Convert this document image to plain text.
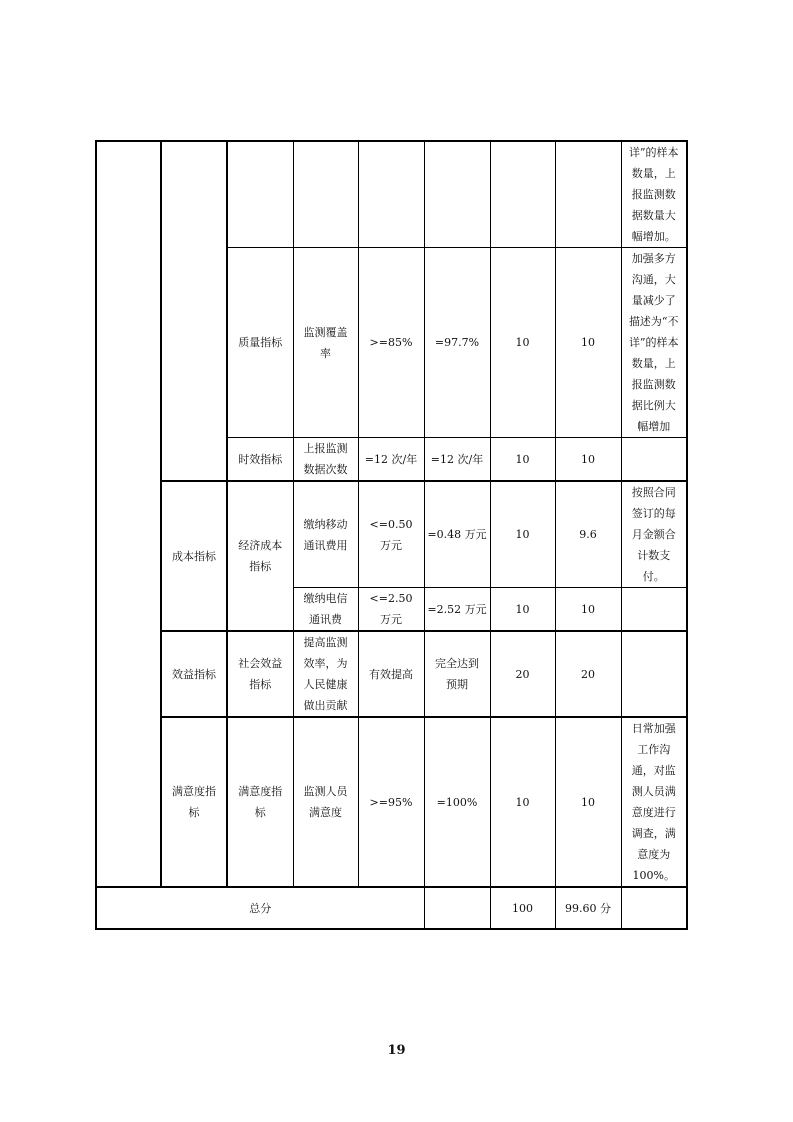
								详”的样本数量，上报监测数据数量大幅增加。

		质量指标	监测覆盖率	>=85%	=97.7%	10	10	加强多方沟通，大量减少了描述为“不详”的样本数量，上报监测数据比例大幅增加

		时效指标	上报监测数据次数	=12 次/年	=12 次/年	10	10	

	成本指标	经济成本指标	缴纳移动通讯费用	<=0.50 万元	=0.48 万元	10	9.6	按照合同签订的每月金额合计数支付。

			缴纳电信通讯费	<=2.50 万元	=2.52 万元	10	10	

	效益指标	社会效益指标	提高监测效率，为人民健康做出贡献	有效提高	完全达到预期	20	20	

	满意度指标	满意度指标	监测人员满意度	>=95%	=100%	10	10	日常加强工作沟通，对监测人员满意度进行调查，满意度为100%。

总分						100	99.60 分	

19
